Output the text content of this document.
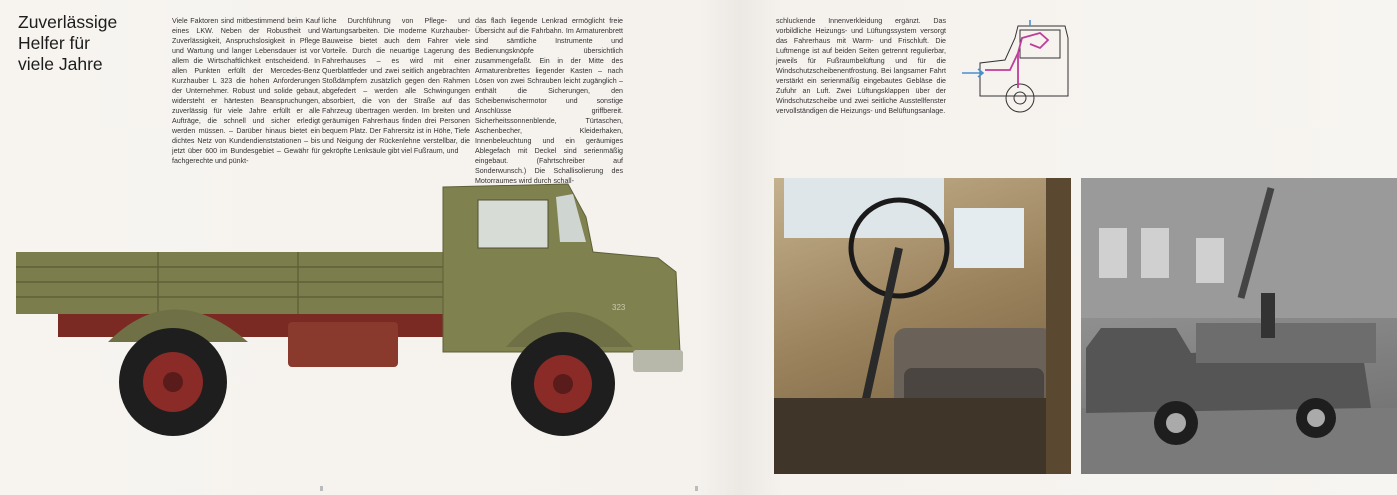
Zuverlässige
Helfer für
viele Jahre

Viele Faktoren sind mitbestimmend beim Kauf eines LKW. Neben der Robustheit und Zuverlässigkeit, Anspruchslosigkeit in Pflege und Wartung und langer Lebensdauer ist vor allem die Wirtschaftlichkeit entscheidend. In allen Punkten erfüllt der Mercedes-Benz Kurzhauber L 323 die hohen Anforderungen der Unternehmer. Robust und solide gebaut, widersteht er härtesten Beanspruchungen, zuverlässig für viele Jahre erfüllt er alle Aufträge, die schnell und sicher erledigt werden müssen. – Darüber hinaus bietet ein dichtes Netz von Kundendienststationen – bis jetzt über 600 im Bundesgebiet – Gewähr für fachgerechte und pünkt-

liche Durchführung von Pflege- und Wartungsarbeiten. Die moderne Kurzhauber-Bauweise bietet auch dem Fahrer viele Vorteile. Durch die neuartige Lagerung des Fahrerhauses – es wird mit einer Querblattfeder und zwei seitlich angebrachten Stoßdämpfern zusätzlich gegen den Rahmen abgefedert – werden alle Schwingungen absorbiert, die von der Straße auf das Fahrzeug übertragen werden. Im breiten und geräumigen Fahrerhaus finden drei Personen bequem Platz. Der Fahrersitz ist in Höhe, Tiefe und Neigung der Rückenlehne verstellbar, die gekröpfte Lenksäule gibt viel Fußraum, und

das flach liegende Lenkrad ermöglicht freie Übersicht auf die Fahrbahn. Im Armaturenbrett sind sämtliche Instrumente und Bedienungsknöpfe übersichtlich zusammengefaßt. Ein in der Mitte des Armaturenbrettes liegender Kasten – nach Lösen von zwei Schrauben leicht zugänglich – enthält die Sicherungen, den Scheibenwischermotor und sonstige Anschlüsse griffbereit. Sicherheitssonnenblende, Türtaschen, Aschenbecher, Kleiderhaken, Innenbeleuchtung und ein geräumiges Ablegefach mit Deckel sind serienmäßig eingebaut. (Fahrtschreiber auf Sonderwunsch.) Die Schallisolierung des Motorraumes wird durch schall-

schluckende Innenverkleidung ergänzt. Das vorbildliche Heizungs- und Lüftungssystem versorgt das Fahrerhaus mit Warm- und Frischluft. Die Luftmenge ist auf beiden Seiten getrennt regulierbar, jeweils für Fußraumbelüftung und für die Windschutzscheibenentfrostung. Bei langsamer Fahrt verstärkt ein serienmäßig eingebautes Gebläse die Zufuhr an Luft. Zwei Lüftungsklappen über der Windschutzscheibe und zwei seitliche Ausstellfenster vervollständigen die Heizungs- und Belüftungsanlage.

323
